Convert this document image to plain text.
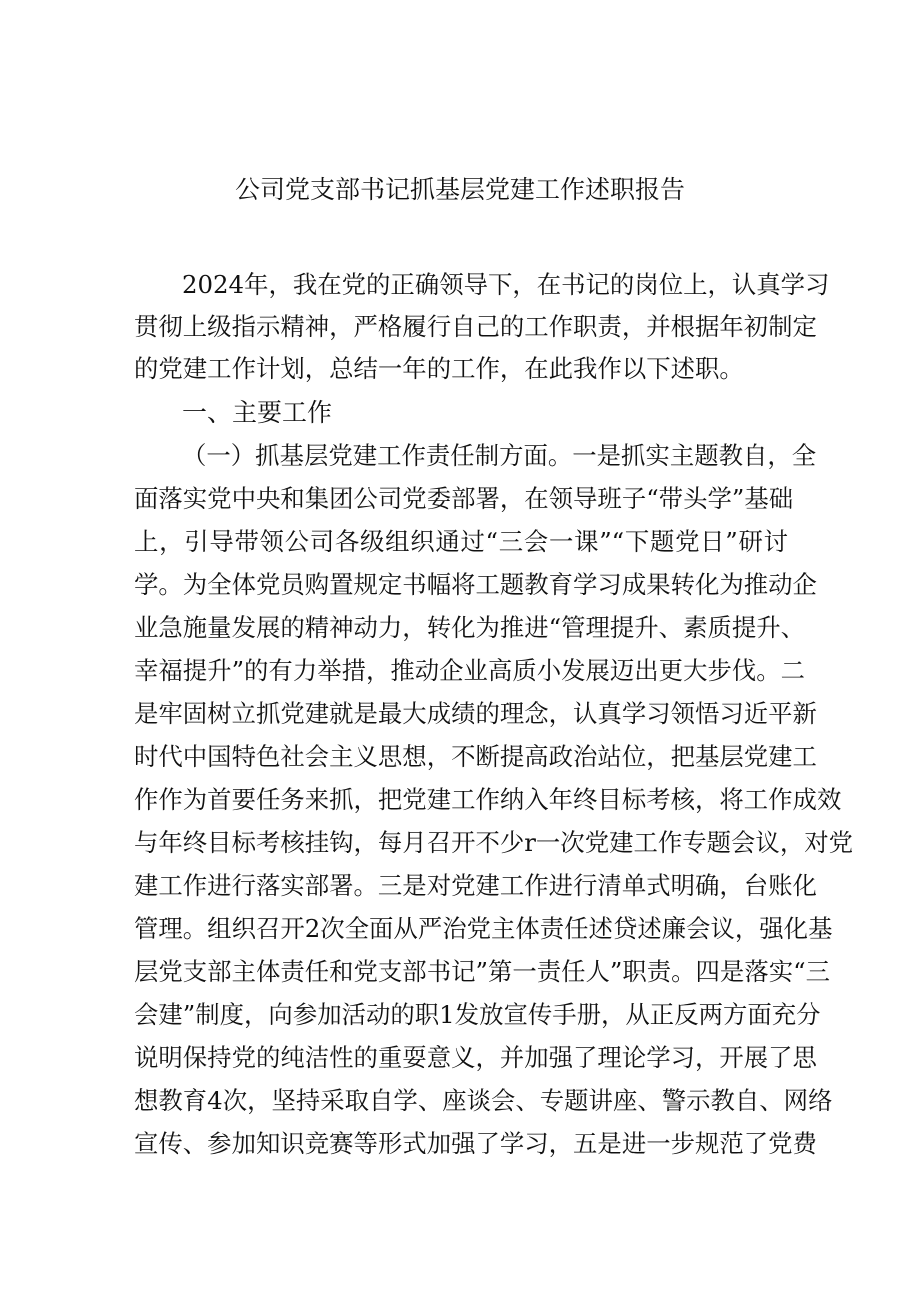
公司党支部书记抓基层党建工作述职报告
2024年，我在党的正确领导下，在书记的岗位上，认真学习
贯彻上级指示精神，严格履行自己的工作职责，并根据年初制定
的党建工作计划，总结一年的工作，在此我作以下述职。
一、主要工作
（一）抓基层党建工作责任制方面。一是抓实主题教自，全
面落实党中央和集团公司党委部署，在领导班子“带头学”基础
上，引导带领公司各级组织通过“三会一课”“下题党日”研讨
学。为全体党员购置规定书幅将工题教育学习成果转化为推动企
业急施量发展的精神动力，转化为推进“管理提升、素质提升、
幸福提升”的有力举措，推动企业高质小发展迈出更大步伐。二
是牢固树立抓党建就是最大成绩的理念，认真学习领悟习近平新
时代中国特色社会主义思想，不断提高政治站位，把基层党建工
作作为首要任务来抓，把党建工作纳入年终目标考核，将工作成效
与年终目标考核挂钩，每月召开不少r一次党建工作专题会议，对党
建工作进行落实部署。三是对党建工作进行清单式明确，台账化
管理。组织召开2次全面从严治党主体责任述贷述廉会议，强化基
层党支部主体责任和党支部书记”第一责任人”职责。四是落实“三
会建”制度，向参加活动的职1发放宣传手册，从正反两方面充分
说明保持党的纯洁性的重耍意义，并加强了理论学习，开展了思
想教育4次，坚持采取自学、座谈会、专题讲座、警示教自、网络
宣传、参加知识竞赛等形式加强了学习，五是进一步规范了党费
